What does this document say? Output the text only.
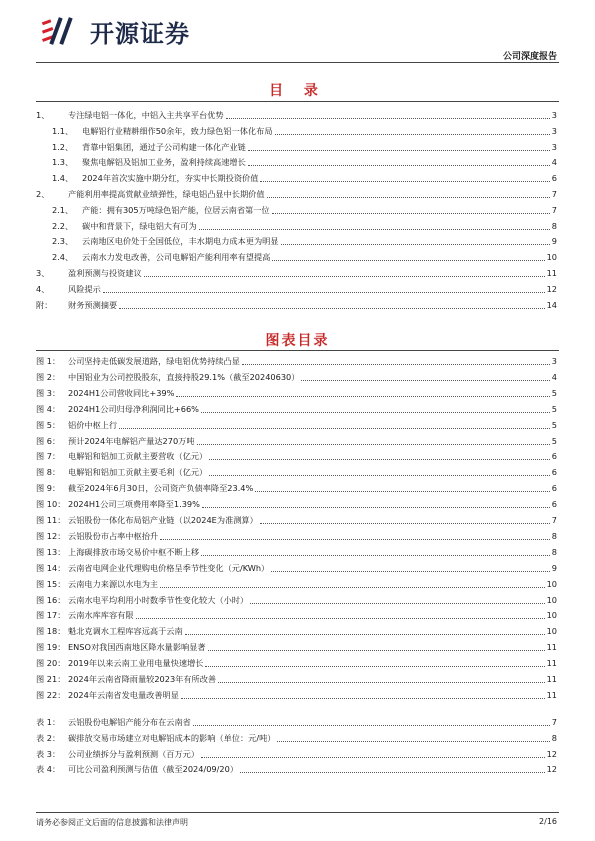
开源证券
公司深度报告
目 录
1、	专注绿电铝一体化，中铝入主共享平台优势	3
1.1、	电解铝行业精耕细作50余年，致力绿色铝一体化布局	3
1.2、	背靠中铝集团，通过子公司构建一体化产业链	3
1.3、	聚焦电解铝及铝加工业务，盈利持续高速增长	4
1.4、	2024年首次实施中期分红，夯实中长期投资价值	6
2、	产能利用率提高赏献业绩弹性，绿电铝凸显中长期价值	7
2.1、	产能：拥有305万吨绿色铝产能，位居云南省第一位	7
2.2、	碳中和背景下，绿电铝大有可为	8
2.3、	云南地区电价处于全国低位，丰水期电力成本更为明显	9
2.4、	云南水力发电改善，公司电解铝产能利用率有望提高	10
3、	盈利预测与投资建议	11
4、	风险提示	12
附：	财务预测摘要	14
图表目录
图 1： 公司坚持走低碳发展道路，绿电铝优势持续凸显	3
图 2： 中国铝业为公司控股股东，直接持股29.1%（截至20240630）	4
图 3： 2024H1公司营收同比+39%	5
图 4： 2024H1公司归母净利润同比+66%	5
图 5： 铝价中枢上行	5
图 6： 预计2024年电解铝产量达270万吨	5
图 7： 电解铝和铝加工贡献主要营收（亿元）	6
图 8： 电解铝和铝加工贡献主要毛利（亿元）	6
图 9： 截至2024年6月30日，公司资产负债率降至23.4%	6
图 10： 2024H1公司三项费用率降至1.39%	6
图 11： 云铝股份一体化布局铝产业链（以2024E为准测算）	7
图 12： 云铝股份市占率中枢抬升	8
图 13： 上海碳排放市场交易价中枢不断上移	8
图 14： 云南省电网企业代理购电价格呈季节性变化（元/KWh）	9
图 15： 云南电力来源以水电为主	10
图 16： 云南水电平均利用小时数季节性变化较大（小时）	10
图 17： 云南水库库容有限	10
图 18： 魁北克调水工程库容远高于云南	10
图 19： ENSO对我国西南地区降水量影响显著	11
图 20： 2019年以来云南工业用电量快速增长	11
图 21： 2024年云南省降雨量较2023年有所改善	11
图 22： 2024年云南省发电量改善明显	11
表 1： 云铝股份电解铝产能分布在云南省	7
表 2： 碳排放交易市场建立对电解铝成本的影响（单位：元/吨）	8
表 3： 公司业绩拆分与盈利预测（百万元）	12
表 4： 可比公司盈利预测与估值（截至2024/09/20）	12
请务必参阅正文后面的信息披露和法律声明	2/16
